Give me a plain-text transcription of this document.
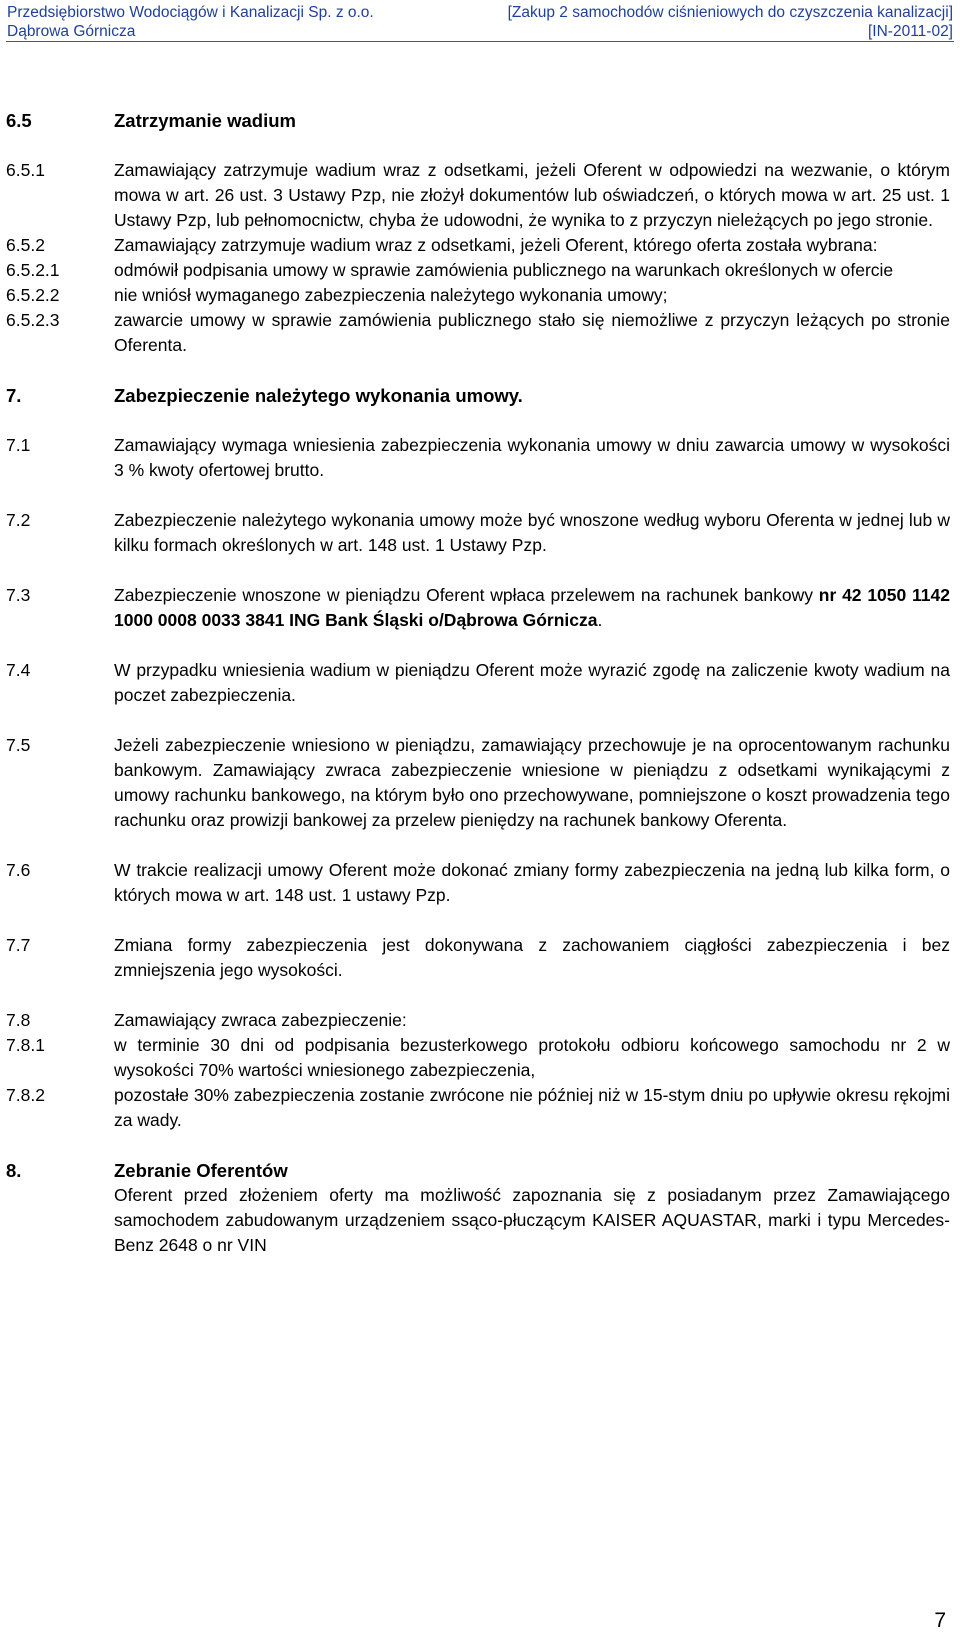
Przedsiębiorstwo Wodociągów i Kanalizacji Sp. z o.o.
Dąbrowa Górnicza
[Zakup 2 samochodów ciśnieniowych do czyszczenia kanalizacji]
[IN-2011-02]
6.5	Zatrzymanie wadium
6.5.1	Zamawiający zatrzymuje wadium wraz z odsetkami, jeżeli Oferent w odpowiedzi na wezwanie, o którym mowa w art. 26 ust. 3 Ustawy Pzp, nie złożył dokumentów lub oświadczeń, o których mowa w art. 25 ust. 1 Ustawy Pzp, lub pełnomocnictw, chyba że udowodni, że wynika to z przyczyn nieleżących po jego stronie.
6.5.2	Zamawiający zatrzymuje wadium wraz z odsetkami, jeżeli Oferent, którego oferta została wybrana:
6.5.2.1	odmówił podpisania umowy w sprawie zamówienia publicznego na warunkach określonych w ofercie
6.5.2.2	nie wniósł wymaganego zabezpieczenia należytego wykonania umowy;
6.5.2.3	zawarcie umowy w sprawie zamówienia publicznego stało się niemożliwe z przyczyn leżących po stronie Oferenta.
7.	Zabezpieczenie należytego wykonania umowy.
7.1	Zamawiający wymaga wniesienia zabezpieczenia wykonania umowy w dniu zawarcia umowy w wysokości 3 % kwoty ofertowej brutto.
7.2	Zabezpieczenie należytego wykonania umowy może być wnoszone według wyboru Oferenta w jednej lub w kilku formach określonych w art. 148 ust. 1 Ustawy Pzp.
7.3	Zabezpieczenie wnoszone w pieniądzu Oferent wpłaca przelewem na rachunek bankowy nr 42 1050 1142 1000 0008 0033 3841 ING Bank Śląski o/Dąbrowa Górnicza.
7.4	W przypadku wniesienia wadium w pieniądzu Oferent może wyrazić zgodę na zaliczenie kwoty wadium na poczet zabezpieczenia.
7.5	Jeżeli zabezpieczenie wniesiono w pieniądzu, zamawiający przechowuje je na oprocentowanym rachunku bankowym. Zamawiający zwraca zabezpieczenie wniesione w pieniądzu z odsetkami wynikającymi z umowy rachunku bankowego, na którym było ono przechowywane, pomniejszone o koszt prowadzenia tego rachunku oraz prowizji bankowej za przelew pieniędzy na rachunek bankowy Oferenta.
7.6	W trakcie realizacji umowy Oferent może dokonać zmiany formy zabezpieczenia na jedną lub kilka form, o których mowa w art. 148 ust. 1 ustawy Pzp.
7.7	Zmiana formy zabezpieczenia jest dokonywana z zachowaniem ciągłości zabezpieczenia i bez zmniejszenia jego wysokości.
7.8	Zamawiający zwraca zabezpieczenie:
7.8.1	w terminie 30 dni od podpisania bezusterkowego protokołu odbioru końcowego samochodu nr 2 w wysokości 70% wartości wniesionego zabezpieczenia,
7.8.2	pozostałe 30% zabezpieczenia zostanie zwrócone nie później niż w 15-stym dniu po upływie okresu rękojmi za wady.
8.	Zebranie Oferentów
Oferent przed złożeniem oferty ma możliwość zapoznania się z posiadanym przez Zamawiającego samochodem zabudowanym urządzeniem ssąco-płuczącym KAISER AQUASTAR, marki i typu Mercedes-Benz 2648 o nr VIN
7
